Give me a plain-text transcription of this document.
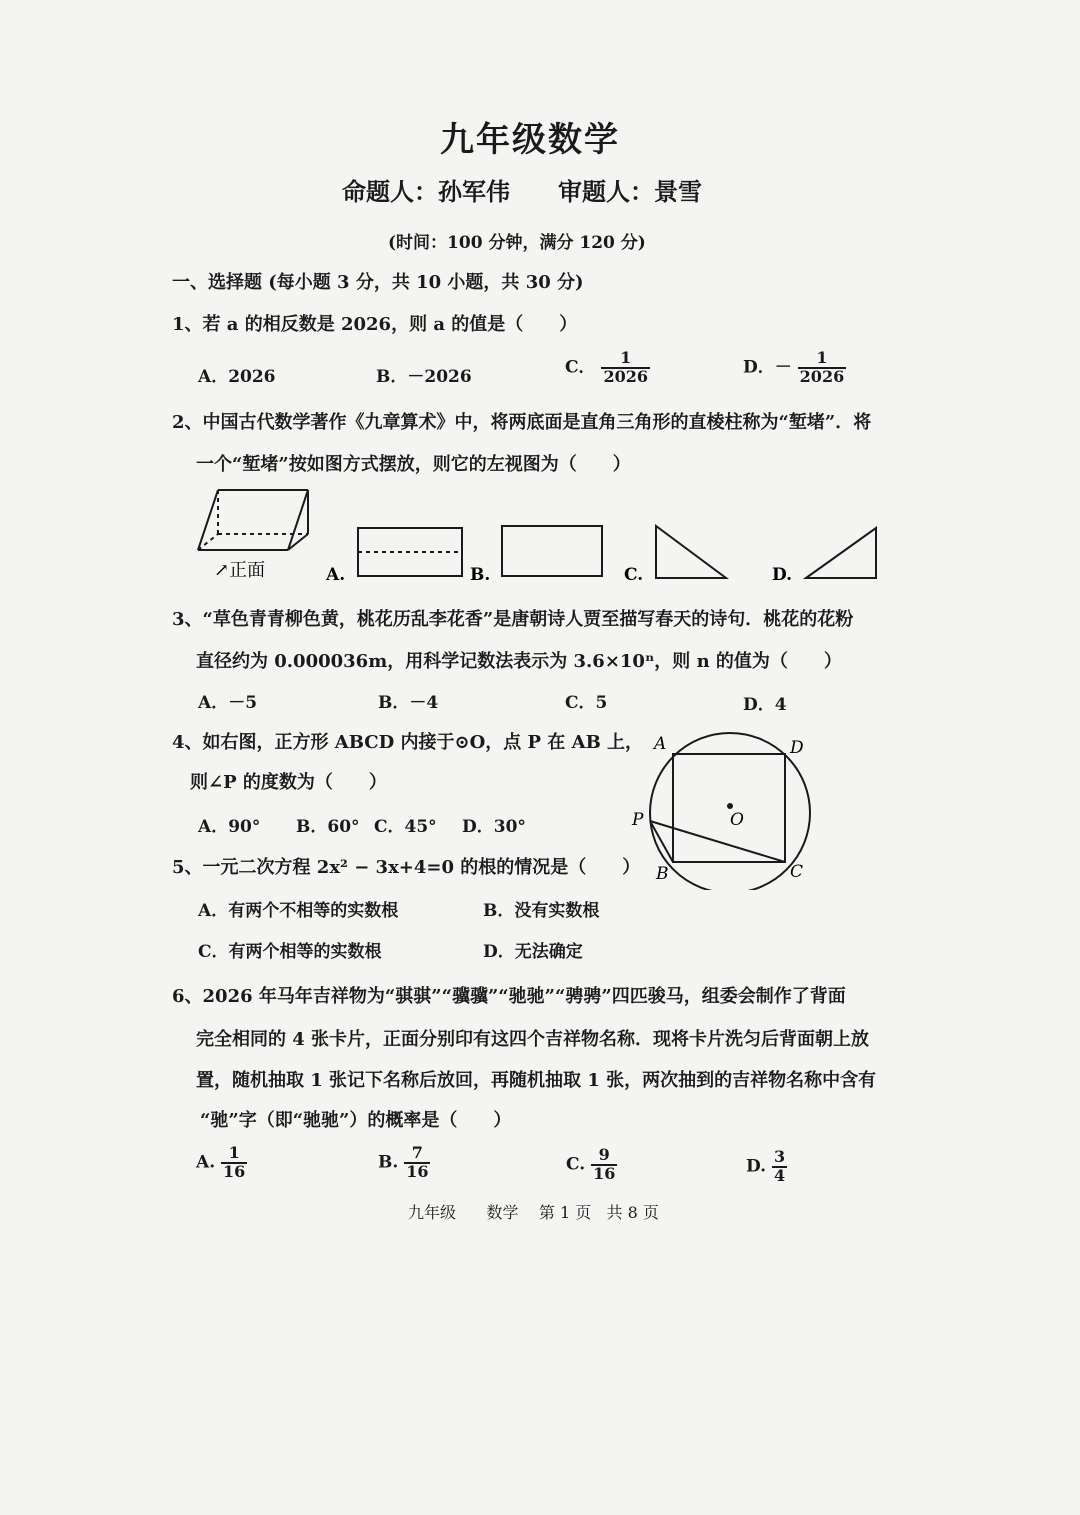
九年级数学
命题人：孙军伟 审题人：景雪
(时间：100 分钟，满分 120 分)
一、选择题 (每小题 3 分，共 10 小题，共 30 分)
1、若 a 的相反数是 2026，则 a 的值是（　　）
A．2026	B．－2026	C． $\frac{1}{2026}$	D．－ $\frac{1}{2026}$
2、中国古代数学著作《九章算术》中，将两底面是直角三角形的直棱柱称为“堑堵”．将
一个“堑堵”按如图方式摆放，则它的左视图为（　　）
↗正面	A.	B.	C.	D.
3、“草色青青柳色黄，桃花历乱李花香”是唐朝诗人贾至描写春天的诗句．桃花的花粉
直径约为 0.000036m，用科学记数法表示为 3.6×10ⁿ，则 n 的值为（　　）
A．－5	B．－4	C．5	D．4
4、如右图，正方形 ABCD 内接于⊙O，点 P 在 AB 上，
则∠P 的度数为（　　）
A．90° B．60° C．45° D．30°
A	D
P	O
B	C
5、一元二次方程 2x² − 3x+4=0 的根的情况是（　　）
A．有两个不相等的实数根	B．没有实数根
C．有两个相等的实数根	D．无法确定
6、2026 年马年吉祥物为“骐骐”“骥骥”“驰驰”“骋骋”四匹骏马，组委会制作了背面
完全相同的 4 张卡片，正面分别印有这四个吉祥物名称．现将卡片洗匀后背面朝上放
置，随机抽取 1 张记下名称后放回，再随机抽取 1 张，两次抽到的吉祥物名称中含有
“驰”字（即“驰驰”）的概率是（　　）
A. $\frac{1}{16}$	B. $\frac{7}{16}$	C. $\frac{9}{16}$	D. $\frac{3}{4}$
九年级 数学 第 1 页 共 8 页
